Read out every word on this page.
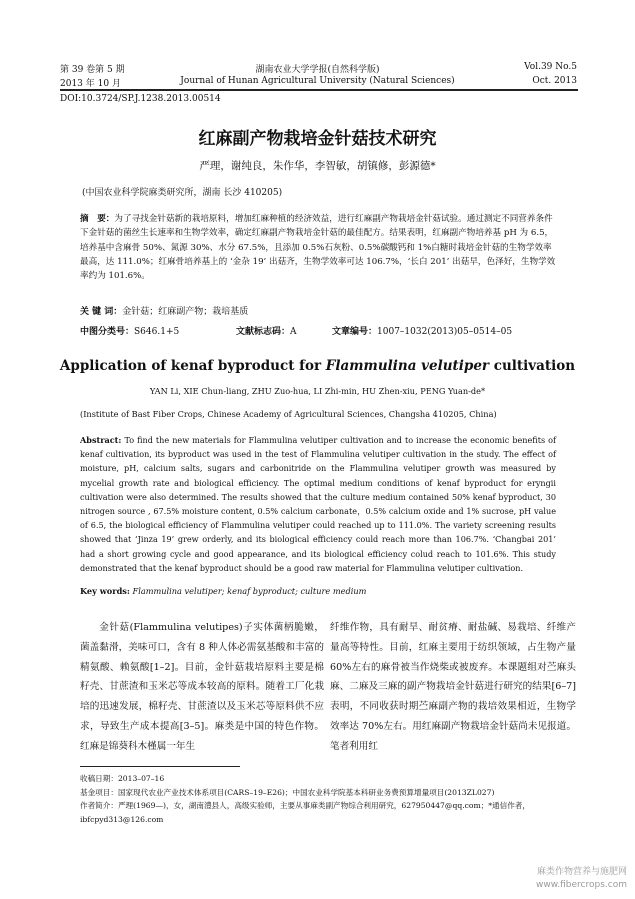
第 39 卷第 5 期
2013 年 10 月
湖南农业大学学报(自然科学版)
Journal of Hunan Agricultural University (Natural Sciences)
Vol.39 No.5
Oct. 2013
DOI:10.3724/SP.J.1238.2013.00514
红麻副产物栽培金针菇技术研究
严理，谢纯良，朱作华，李智敏，胡镇修，彭源德*
(中国农业科学院麻类研究所，湖南 长沙 410205)
摘　要：为了寻找金针菇新的栽培原料，增加红麻种植的经济效益，进行红麻副产物栽培金针菇试验。通过测定不同营养条件下金针菇的菌丝生长速率和生物学效率，确定红麻副产物栽培金针菇的最佳配方。结果表明，红麻副产物培养基 pH 为 6.5，培养基中含麻骨 50%、氮源 30%、水分 67.5%，且添加 0.5%石灰粉、0.5%碳酸钙和 1%白糖时栽培金针菇的生物学效率最高，达 111.0%；红麻骨培养基上的 ‘金杂 19’ 出菇齐，生物学效率可达 106.7%，‘长白 201’ 出菇早，色泽好，生物学效率约为 101.6%。
关 键 词：金针菇；红麻副产物；栽培基质
中图分类号：S646.1+5	文献标志码：A	文章编号：1007–1032(2013)05–0514–05
Application of kenaf byproduct for Flammulina velutiper cultivation
YAN Li, XIE Chun-liang, ZHU Zuo-hua, LI Zhi-min, HU Zhen-xiu, PENG Yuan-de*
(Institute of Bast Fiber Crops, Chinese Academy of Agricultural Sciences, Changsha 410205, China)
Abstract: To find the new materials for Flammulina velutiper cultivation and to increase the economic benefits of kenaf cultivation, its byproduct was used in the test of Flammulina velutiper cultivation in the study. The effect of moisture, pH, calcium salts, sugars and carbonitride on the Flammulina velutiper growth was measured by mycelial growth rate and biological efficiency. The optimal medium conditions of kenaf byproduct for eryngii cultivation were also determined. The results showed that the culture medium contained 50% kenaf byproduct, 30 nitrogen source , 67.5% moisture content, 0.5% calcium carbonate，0.5% calcium oxide and 1% sucrose, pH value of 6.5, the biological efficiency of Flammulina velutiper could reached up to 111.0%. The variety screening results showed that ‘Jinza 19’ grew orderly, and its biological efficiency could reach more than 106.7%. ‘Changbai 201’ had a short growing cycle and good appearance, and its biological efficiency colud reach to 101.6%. This study demonstrated that the kenaf byproduct should be a good raw material for Flammulina velutiper cultivation.
Key words: Flammulina velutiper; kenaf byproduct; culture medium
金针菇(Flammulina velutipes)子实体菌柄脆嫩，菌盖黏滑，美味可口，含有 8 种人体必需氨基酸和丰富的精氨酸、赖氨酸[1–2]。目前，金针菇栽培原料主要是棉籽壳、甘蔗渣和玉米芯等成本较高的原料。随着工厂化栽培的迅速发展，棉籽壳、甘蔗渣以及玉米芯等原料供不应求，导致生产成本提高[3–5]。麻类是中国的特色作物。红麻是锦葵科木槿属一年生
纤维作物，具有耐旱、耐贫瘠、耐盐碱、易栽培、纤维产量高等特性。目前，红麻主要用于纺织领域，占生物产量 60%左右的麻骨被当作烧柴或被废弃。本课题组对苎麻头麻、二麻及三麻的副产物栽培金针菇进行研究的结果[6–7]表明，不同收获时期苎麻副产物的栽培效果相近，生物学效率达 70%左右。用红麻副产物栽培金针菇尚未见报道。笔者利用红
收稿日期：2013–07–16
基金项目：国家现代农业产业技术体系项目(CARS–19–E26)；中国农业科学院基本科研业务费预算增量项目(2013ZL027)
作者简介：严理(1969—)，女，湖南澧县人，高级实验师，主要从事麻类副产物综合利用研究，627950447@qq.com；*通信作者，ibfcpyd313@126.com
麻类作物营养与施肥网
www.fibercrops.com
